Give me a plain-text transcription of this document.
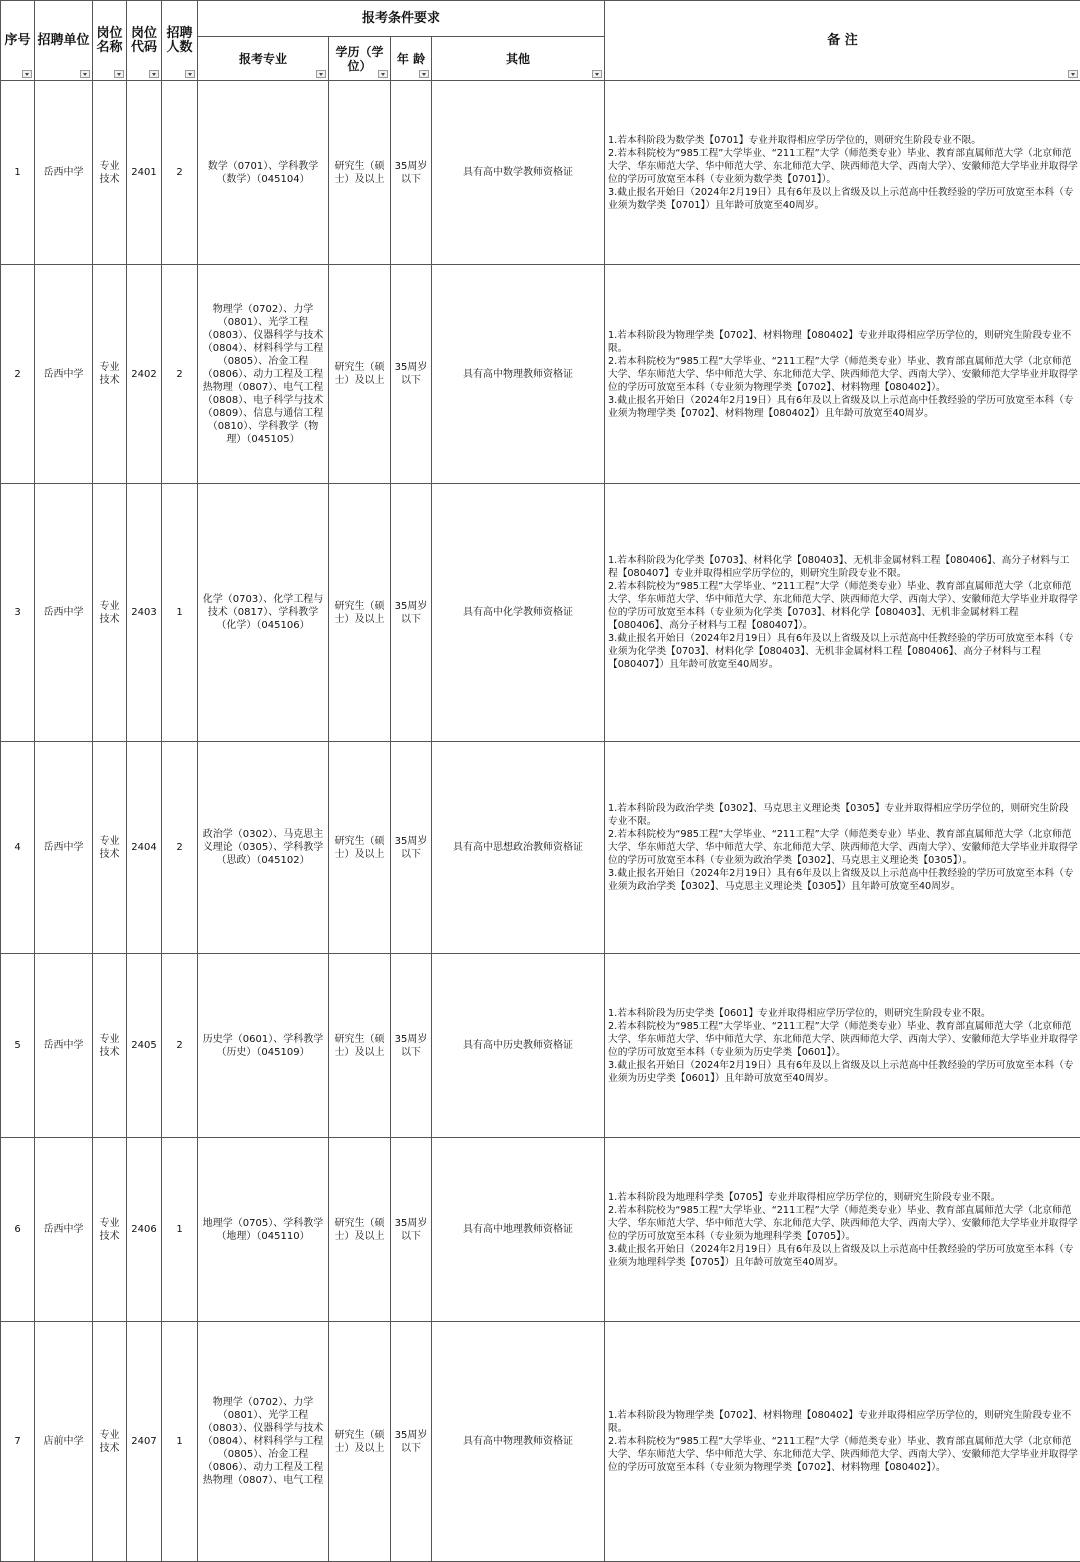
序号	招聘单位	岗位名称	岗位代码	招聘人数	报考条件要求				备 注

					报考专业	学历（学位）	年 龄	其他	

1	岳西中学	专业技术	2401	2	数学（0701）、学科教学（数学）（045104）	研究生（硕士）及以上	35周岁以下	具有高中数学教师资格证	1.若本科阶段为数学类【0701】专业并取得相应学历学位的，则研究生阶段专业不限。
2.若本科院校为“985工程”大学毕业、“211工程”大学（师范类专业）毕业、教育部直属师范大学（北京师范大学、华东师范大学、华中师范大学、东北师范大学、陕西师范大学、西南大学）、安徽师范大学毕业并取得学位的学历可放宽至本科（专业须为数学类【0701】）。
3.截止报名开始日（2024年2月19日）具有6年及以上省级及以上示范高中任教经验的学历可放宽至本科（专业须为数学类【0701】）且年龄可放宽至40周岁。

2	岳西中学	专业技术	2402	2	物理学（0702）、力学（0801）、光学工程（0803）、仪器科学与技术（0804）、材料科学与工程（0805）、冶金工程（0806）、动力工程及工程热物理（0807）、电气工程（0808）、电子科学与技术（0809）、信息与通信工程（0810）、学科教学（物理）（045105）	研究生（硕士）及以上	35周岁以下	具有高中物理教师资格证	1.若本科阶段为物理学类【0702】、材料物理【080402】专业并取得相应学历学位的，则研究生阶段专业不限。
2.若本科院校为“985工程”大学毕业、“211工程”大学（师范类专业）毕业、教育部直属师范大学（北京师范大学、华东师范大学、华中师范大学、东北师范大学、陕西师范大学、西南大学）、安徽师范大学毕业并取得学位的学历可放宽至本科（专业须为物理学类【0702】、材料物理【080402】）。
3.截止报名开始日（2024年2月19日）具有6年及以上省级及以上示范高中任教经验的学历可放宽至本科（专业须为物理学类【0702】、材料物理【080402】）且年龄可放宽至40周岁。

3	岳西中学	专业技术	2403	1	化学（0703）、化学工程与技术（0817）、学科教学（化学）（045106）	研究生（硕士）及以上	35周岁以下	具有高中化学教师资格证	1.若本科阶段为化学类【0703】、材料化学【080403】、无机非金属材料工程【080406】、高分子材料与工程【080407】专业并取得相应学历学位的，则研究生阶段专业不限。
2.若本科院校为“985工程”大学毕业、“211工程”大学（师范类专业）毕业、教育部直属师范大学（北京师范大学、华东师范大学、华中师范大学、东北师范大学、陕西师范大学、西南大学）、安徽师范大学毕业并取得学位的学历可放宽至本科（专业须为化学类【0703】、材料化学【080403】、无机非金属材料工程【080406】、高分子材料与工程【080407】）。
3.截止报名开始日（2024年2月19日）具有6年及以上省级及以上示范高中任教经验的学历可放宽至本科（专业须为化学类【0703】、材料化学【080403】、无机非金属材料工程【080406】、高分子材料与工程【080407】）且年龄可放宽至40周岁。

4	岳西中学	专业技术	2404	2	政治学（0302）、马克思主义理论（0305）、学科教学（思政）（045102）	研究生（硕士）及以上	35周岁以下	具有高中思想政治教师资格证	1.若本科阶段为政治学类【0302】、马克思主义理论类【0305】专业并取得相应学历学位的，则研究生阶段专业不限。
2.若本科院校为“985工程”大学毕业、“211工程”大学（师范类专业）毕业、教育部直属师范大学（北京师范大学、华东师范大学、华中师范大学、东北师范大学、陕西师范大学、西南大学）、安徽师范大学毕业并取得学位的学历可放宽至本科（专业须为政治学类【0302】、马克思主义理论类【0305】）。
3.截止报名开始日（2024年2月19日）具有6年及以上省级及以上示范高中任教经验的学历可放宽至本科（专业须为政治学类【0302】、马克思主义理论类【0305】）且年龄可放宽至40周岁。

5	岳西中学	专业技术	2405	2	历史学（0601）、学科教学（历史）（045109）	研究生（硕士）及以上	35周岁以下	具有高中历史教师资格证	1.若本科阶段为历史学类【0601】专业并取得相应学历学位的，则研究生阶段专业不限。
2.若本科院校为“985工程”大学毕业、“211工程”大学（师范类专业）毕业、教育部直属师范大学（北京师范大学、华东师范大学、华中师范大学、东北师范大学、陕西师范大学、西南大学）、安徽师范大学毕业并取得学位的学历可放宽至本科（专业须为历史学类【0601】）。
3.截止报名开始日（2024年2月19日）具有6年及以上省级及以上示范高中任教经验的学历可放宽至本科（专业须为历史学类【0601】）且年龄可放宽至40周岁。

6	岳西中学	专业技术	2406	1	地理学（0705）、学科教学（地理）（045110）	研究生（硕士）及以上	35周岁以下	具有高中地理教师资格证	1.若本科阶段为地理科学类【0705】专业并取得相应学历学位的，则研究生阶段专业不限。
2.若本科院校为“985工程”大学毕业、“211工程”大学（师范类专业）毕业、教育部直属师范大学（北京师范大学、华东师范大学、华中师范大学、东北师范大学、陕西师范大学、西南大学）、安徽师范大学毕业并取得学位的学历可放宽至本科（专业须为地理科学类【0705】）。
3.截止报名开始日（2024年2月19日）具有6年及以上省级及以上示范高中任教经验的学历可放宽至本科（专业须为地理科学类【0705】）且年龄可放宽至40周岁。

7	店前中学	专业技术	2407	1	物理学（0702）、力学（0801）、光学工程（0803）、仪器科学与技术（0804）、材料科学与工程（0805）、冶金工程（0806）、动力工程及工程热物理（0807）、电气工程	研究生（硕士）及以上	35周岁以下	具有高中物理教师资格证	1.若本科阶段为物理学类【0702】、材料物理【080402】专业并取得相应学历学位的，则研究生阶段专业不限。
2.若本科院校为“985工程”大学毕业、“211工程”大学（师范类专业）毕业、教育部直属师范大学（北京师范大学、华东师范大学、华中师范大学、东北师范大学、陕西师范大学、西南大学）、安徽师范大学毕业并取得学位的学历可放宽至本科（专业须为物理学类【0702】、材料物理【080402】）。
